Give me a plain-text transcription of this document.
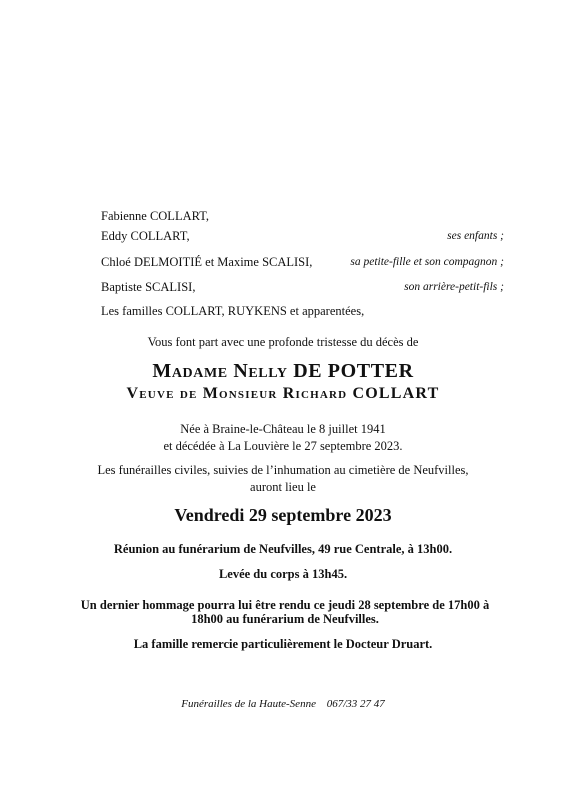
Fabienne COLLART,
Eddy COLLART,	ses enfants ;
Chloé DELMOITIÉ et Maxime SCALISI,	sa petite-fille et son compagnon ;
Baptiste SCALISI,	son arrière-petit-fils ;
Les familles COLLART, RUYKENS et apparentées,
Vous font part avec une profonde tristesse du décès de
Madame Nelly DE POTTER
Veuve de Monsieur Richard COLLART
Née à Braine-le-Château le 8 juillet 1941
et décédée à La Louvière le 27 septembre 2023.
Les funérailles civiles, suivies de l’inhumation au cimetière de Neufvilles,
auront lieu le
Vendredi 29 septembre 2023
Réunion au funérarium de Neufvilles, 49 rue Centrale, à 13h00.
Levée du corps à 13h45.
Un dernier hommage pourra lui être rendu ce jeudi 28 septembre de 17h00 à 18h00 au funérarium de Neufvilles.
La famille remercie particulièrement le Docteur Druart.
Funérailles de la Haute-Senne 067/33 27 47
